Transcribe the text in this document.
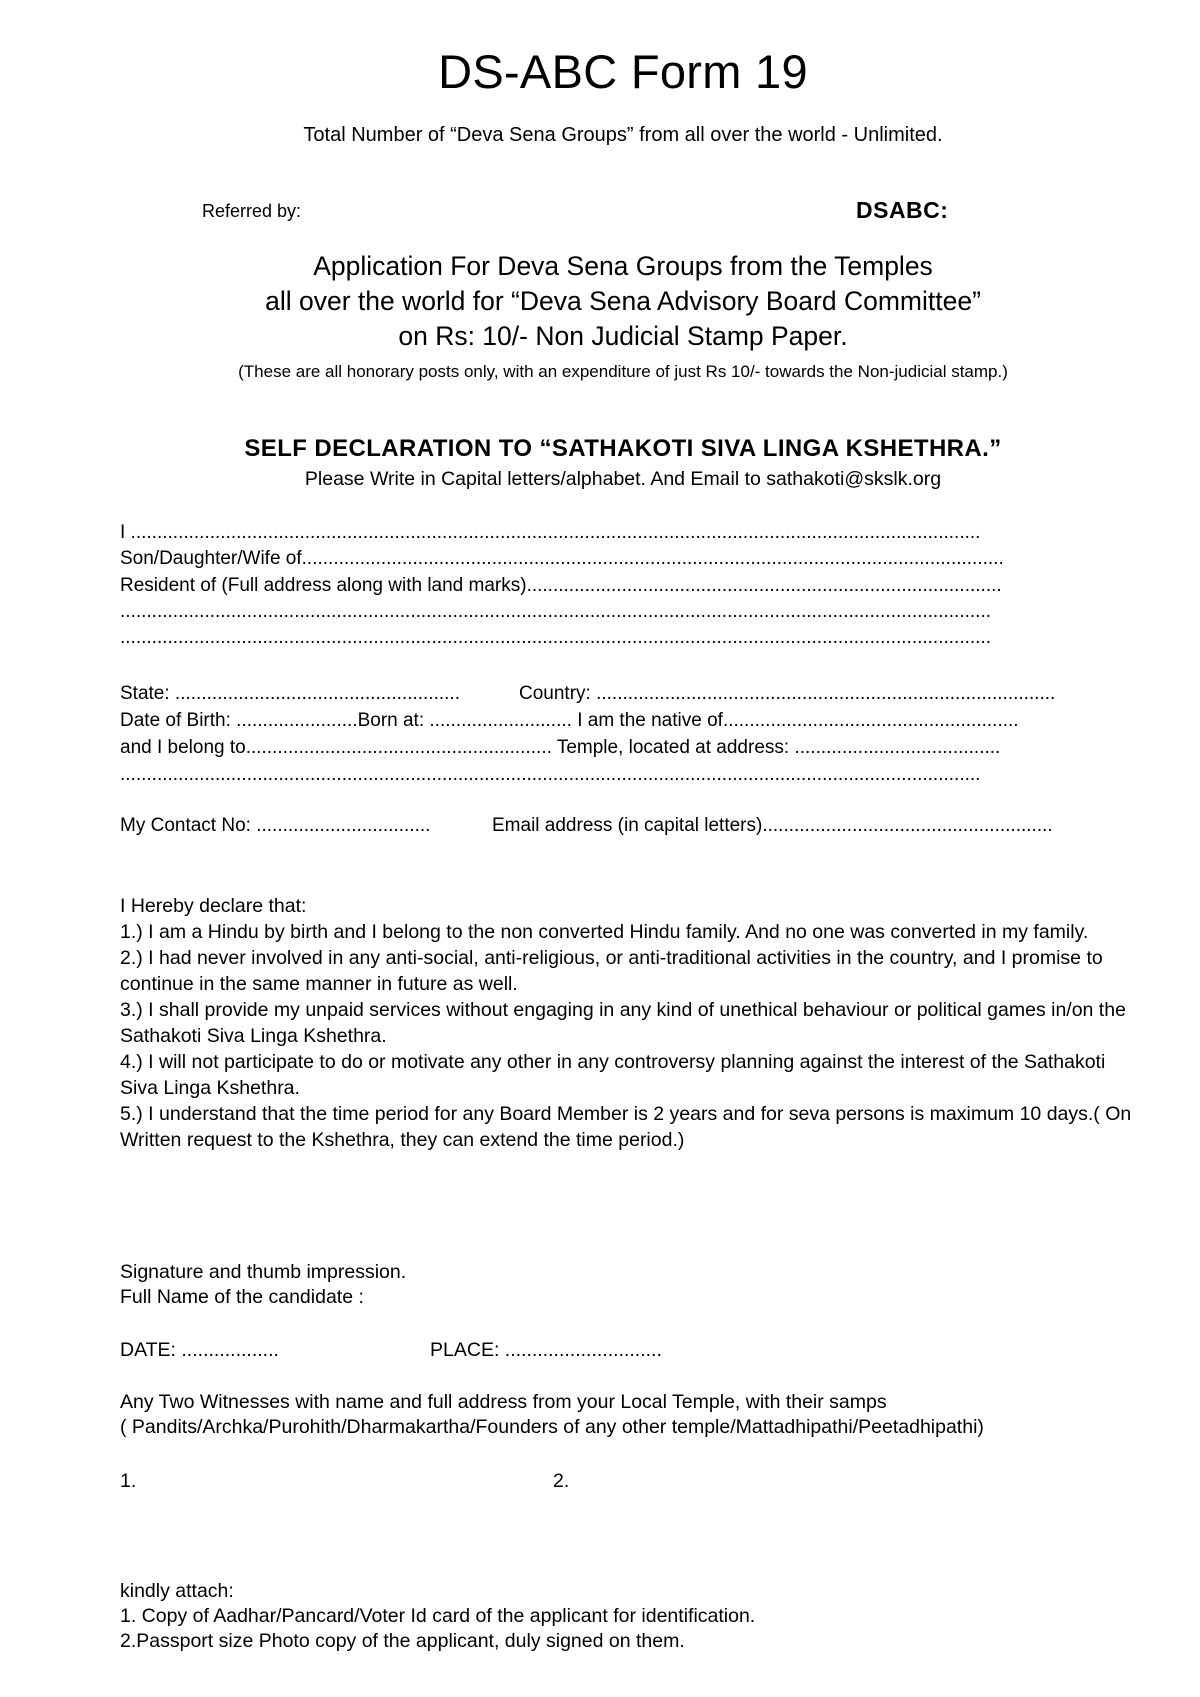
DS-ABC Form 19
Total Number of “Deva Sena Groups” from all over the world - Unlimited.
Referred by:	DSABC:
Application For Deva Sena Groups from the Temples
all over the world for “Deva Sena Advisory Board Committee”
on Rs: 10/- Non Judicial Stamp Paper.
(These are all honorary posts only, with an expenditure of just Rs 10/- towards the Non-judicial stamp.)
SELF DECLARATION TO “SATHAKOTI SIVA LINGA KSHETHRA.”
Please Write in Capital letters/alphabet. And Email to sathakoti@skslk.org
I .................................................................................................................................................................
Son/Daughter/Wife of.....................................................................................................................................
Resident of (Full address along with land marks)..........................................................................................
.....................................................................................................................................................................
.....................................................................................................................................................................
State: ......................................................	Country: .......................................................................................
Date of Birth: .......................Born at: ........................... I am the native of........................................................
and I belong to.......................................................... Temple, located at address: .......................................
...................................................................................................................................................................
My Contact No: .................................	Email address (in capital letters).......................................................
I Hereby declare that:
1.) I am a Hindu by birth and I belong to the non converted Hindu family. And no one was converted in my family.
2.) I had never involved in any anti-social, anti-religious, or anti-traditional activities in the country, and I promise to continue in the same manner in future as well.
3.) I shall provide my unpaid services without engaging in any kind of unethical behaviour or political games in/on the Sathakoti Siva Linga Kshethra.
4.) I will not participate to do or motivate any other in any controversy planning against the interest of the Sathakoti Siva Linga Kshethra.
5.) I understand that the time period for any Board Member is 2 years and for seva persons is maximum 10 days.( On Written request to the Kshethra, they can extend the time period.)
Signature and thumb impression.
Full Name of the candidate :
DATE: ..................	PLACE: .............................
Any Two Witnesses with name and full address from your Local Temple, with their samps
( Pandits/Archka/Purohith/Dharmakartha/Founders of any other temple/Mattadhipathi/Peetadhipathi)
1.	2.
kindly attach:
1. Copy of Aadhar/Pancard/Voter Id card of the applicant for identification.
2.Passport size Photo copy of the applicant, duly signed on them.
